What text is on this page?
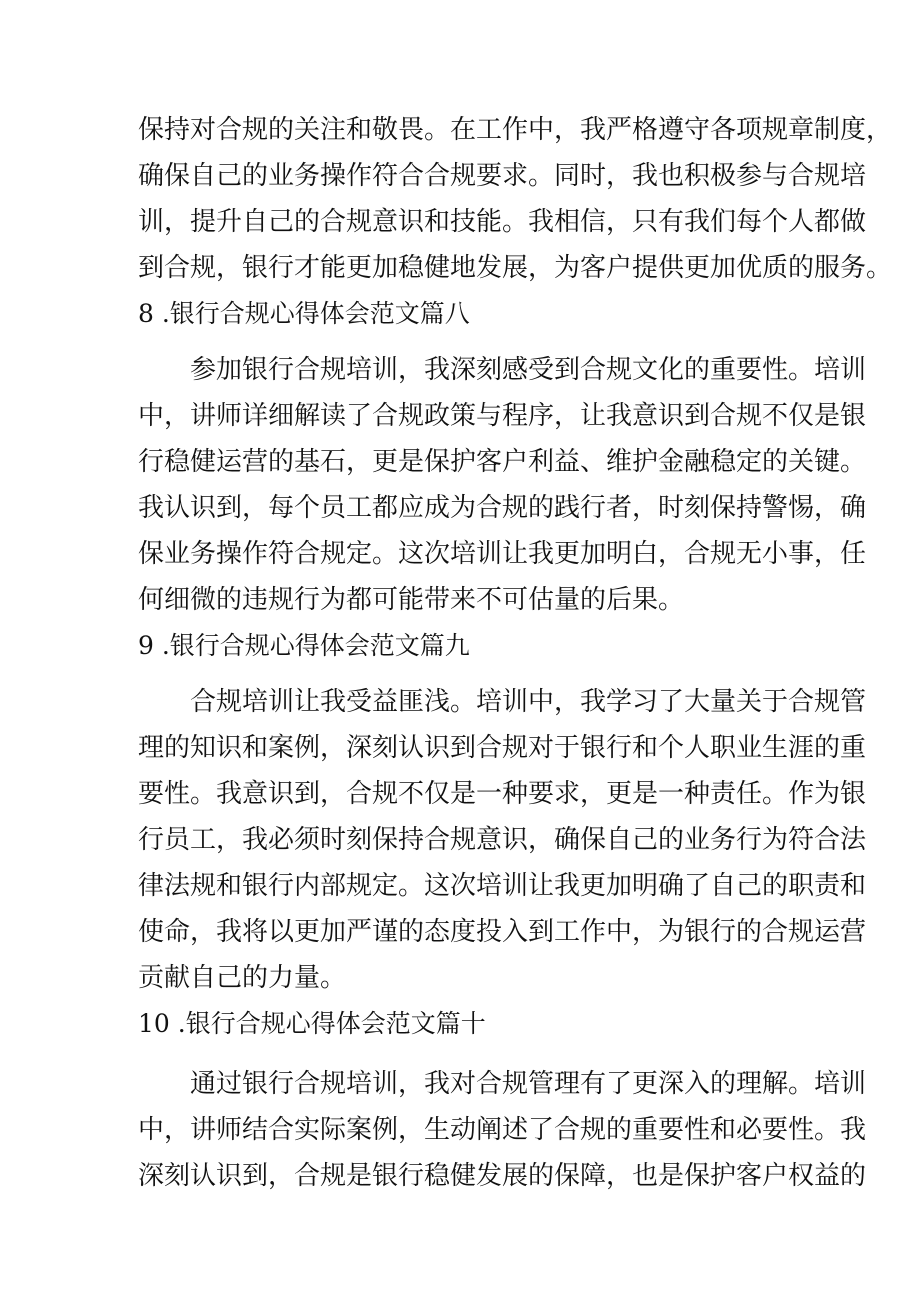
保持对合规的关注和敬畏。在工作中，我严格遵守各项规章制度，
确保自己的业务操作符合合规要求。同时，我也积极参与合规培
训，提升自己的合规意识和技能。我相信，只有我们每个人都做
到合规，银行才能更加稳健地发展，为客户提供更加优质的服务。
8 .银行合规心得体会范文篇八
参加银行合规培训，我深刻感受到合规文化的重要性。培训
中，讲师详细解读了合规政策与程序，让我意识到合规不仅是银
行稳健运营的基石，更是保护客户利益、维护金融稳定的关键。
我认识到，每个员工都应成为合规的践行者，时刻保持警惕，确
保业务操作符合规定。这次培训让我更加明白，合规无小事，任
何细微的违规行为都可能带来不可估量的后果。
9 .银行合规心得体会范文篇九
合规培训让我受益匪浅。培训中，我学习了大量关于合规管
理的知识和案例，深刻认识到合规对于银行和个人职业生涯的重
要性。我意识到，合规不仅是一种要求，更是一种责任。作为银
行员工，我必须时刻保持合规意识，确保自己的业务行为符合法
律法规和银行内部规定。这次培训让我更加明确了自己的职责和
使命，我将以更加严谨的态度投入到工作中，为银行的合规运营
贡献自己的力量。
10 .银行合规心得体会范文篇十
通过银行合规培训，我对合规管理有了更深入的理解。培训
中，讲师结合实际案例，生动阐述了合规的重要性和必要性。我
深刻认识到，合规是银行稳健发展的保障，也是保护客户权益的
